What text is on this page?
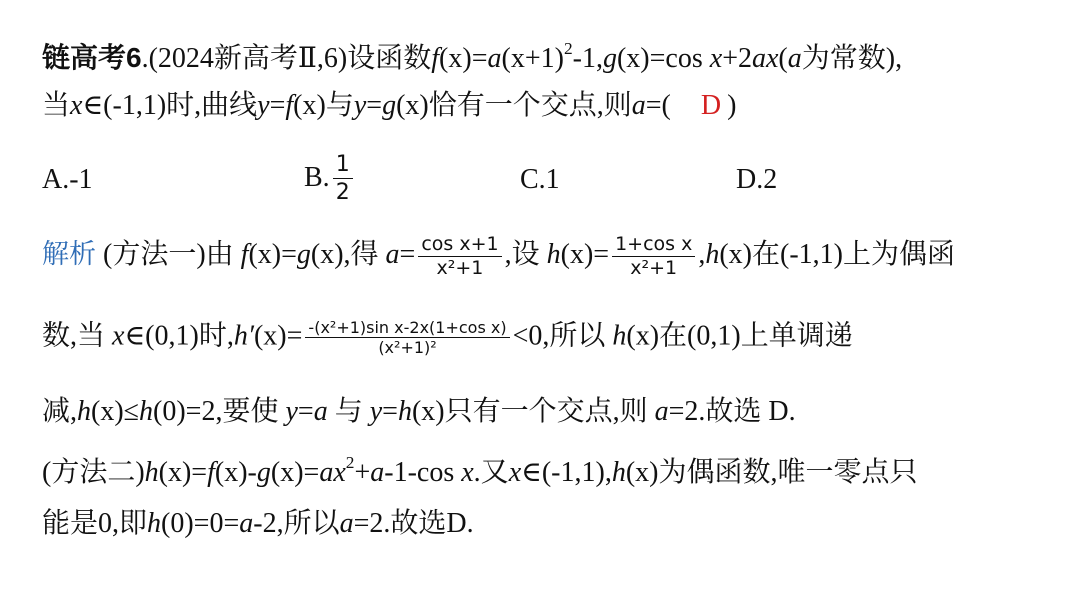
链高考6.(2024新高考Ⅱ,6)设函数$f(x)=a(x+1)^2-1,g(x)=\cos$ x+2ax(a为常数),
当x∈(-1,1)时,曲线y=f(x)与y=g(x)恰有一个交点,则a=( D )
A.-1	B. $\frac{1}{2}$	C.1	D.2
解析 (方法一)由 f(x)=g(x),得 $a= \frac{\text{cos x+1}}{\text{x²+1}}$ ,设 $h(x)= \frac{\text{1+cos x}}{\text{x²+1}} ,h(x)$在(-1,1)上为偶函
数,当 x∈(0,1)时$,h'(x)= \frac{\text{-(x²+1)sin x-2x(1+cos x)}}{\text{(x²+1)²}} <0$,所以 h(x)在(0,1)上单调递
减,h(x)≤h(0)=2,要使 y=a 与 y=h(x)只有一个交点,则 a=2.故选 D.
(方法二)$h(x)=f(x)-g(x)=ax^2+a-1-\cos$ x.又x∈(-1,1),h(x)为偶函数,唯一零点只
能是0,即h(0)=0=a-2,所以a=2.故选D.
